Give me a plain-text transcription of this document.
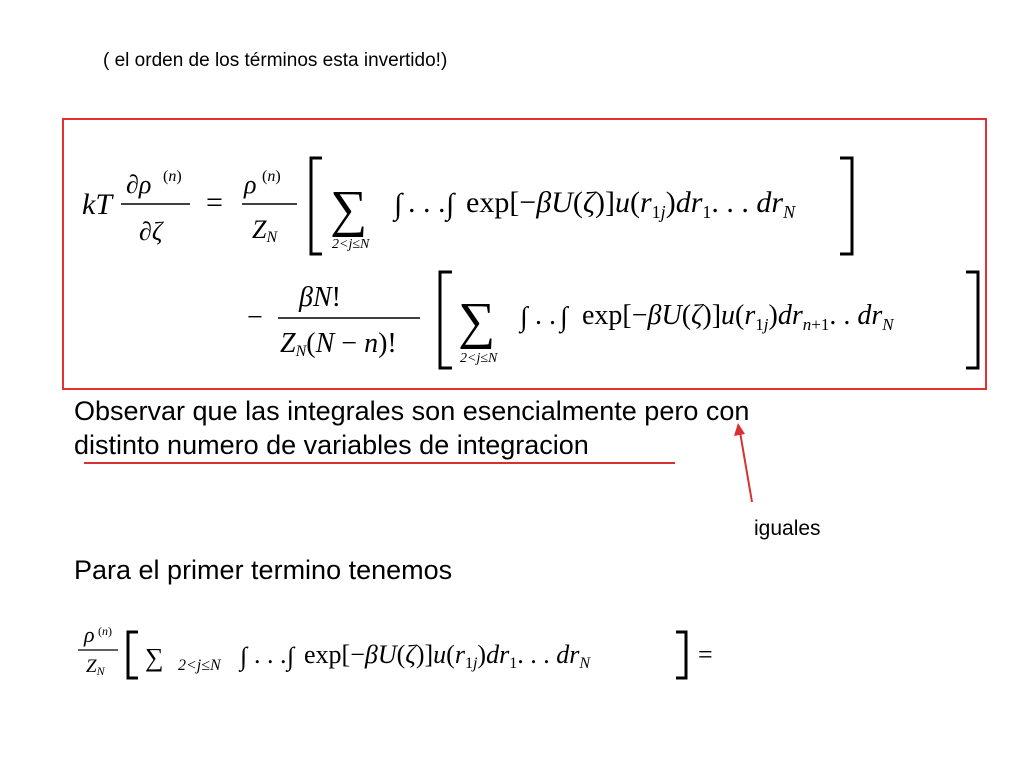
( el orden de los términos esta invertido!)
kT
∂ρ (n)
∂ζ
=
ρ (n)
ZN ∑
2<j≤N
∫ . . . ∫ $\exp[-\beta U(\zeta)]u(r_{1j})dr_1$. . . $dr_N$
−
βN!
ZN(N − n)! ∑
2<j≤N
∫ . . ∫ $\exp[-\beta U(\zeta)]u(r_{1j})dr_{n+1}$. . $dr_N$
ρ (n)
ZN ∑ 2<j≤N ∫ . . . ∫ exp[−βU(ζ)]u(r1j)dr1. . . drN	=
Observar que las integrales son esencialmente pero con
distinto numero de variables de integracion
iguales
Para el primer termino tenemos
